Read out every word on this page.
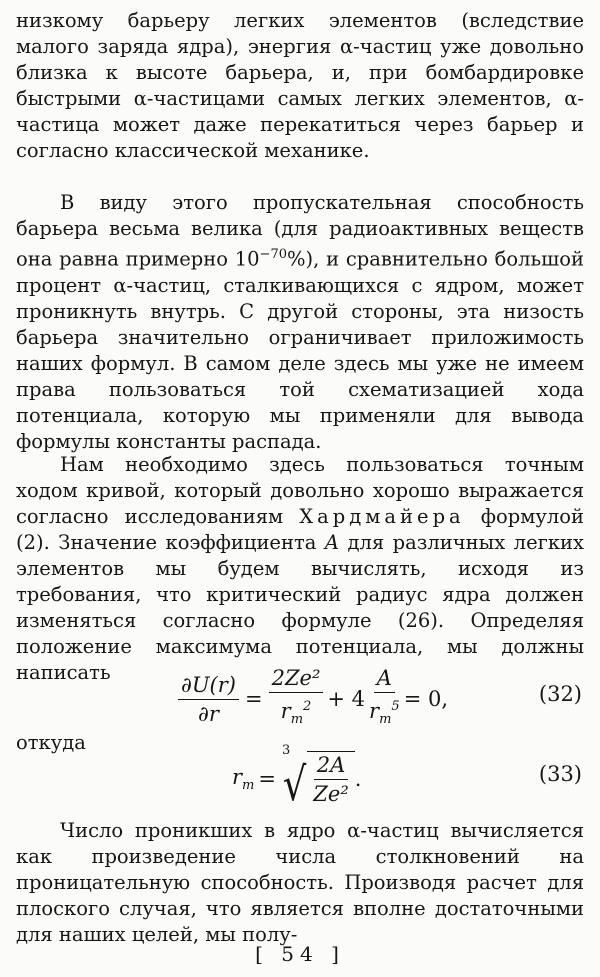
низкому барьеру легких элементов (вследствие малого заряда ядра), энергия α-частиц уже довольно близка к высоте барьера, и, при бомбардировке быстрыми α-частицами самых легких элементов, α-частица может даже перекатиться через барьер и согласно классической механике.

В виду этого пропускательная способность барьера весьма велика (для радиоактивных веществ она равна примерно $10^{-70}\%$), и сравнительно большой процент α-частиц, сталкивающихся с ядром, может проникнуть внутрь. С другой стороны, эта низость барьера значительно ограничивает приложимость наших формул. В самом деле здесь мы уже не имеем права пользоваться той схематизацией хода потенциала, которую мы применяли для вывода формулы константы распада.

Нам необходимо здесь пользоваться точным ходом кривой, который довольно хорошо выражается согласно исследованиям Хардмайера формулой (2). Значение коэффициента A для различных легких элементов мы будем вычислять, исходя из требования, что критический радиус ядра должен изменяться согласно формуле (26). Определяя положение максимума потенциала, мы должны написать	$\frac{\partial U(r)}{\partial r} = \frac{\text{2Ze²}}{r_m^2} + 4 \frac{A}{r_m^5} = 0$,	(32)
откуда
$r_m$ =
3
√ $\frac{2A}{\text{Ze²}}$ .	(33)

Число проникших в ядро α-частиц вычисляется как произведение числа столкновений на проницательную способность. Производя расчет для плоского случая, что является вполне достаточными для наших целей, мы полу-

[ 54 ]
